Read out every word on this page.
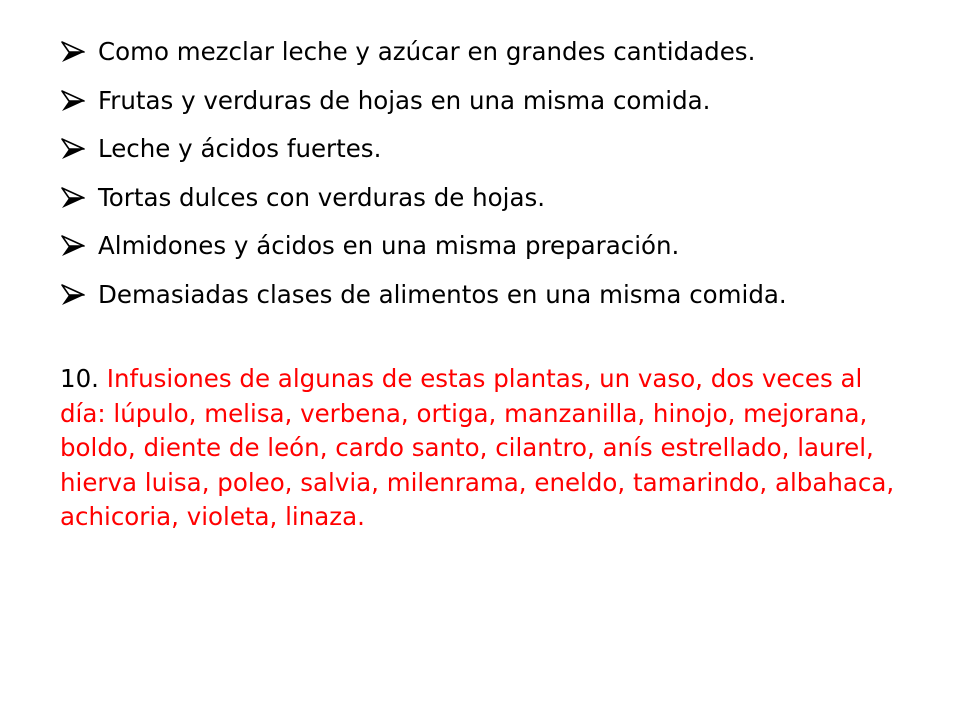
Como mezclar leche y azúcar en grandes cantidades.
Frutas y verduras de hojas en una misma comida.
Leche y ácidos fuertes.
Tortas dulces con verduras de hojas.
Almidones y ácidos en una misma preparación.
Demasiadas clases de alimentos en una misma comida.

10. Infusiones de algunas de estas plantas, un vaso, dos veces al día: lúpulo, melisa, verbena, ortiga, manzanilla, hinojo, mejorana, boldo, diente de león, cardo santo, cilantro, anís estrellado, laurel, hierva luisa, poleo, salvia, milenrama, eneldo, tamarindo, albahaca, achicoria, violeta, linaza.
